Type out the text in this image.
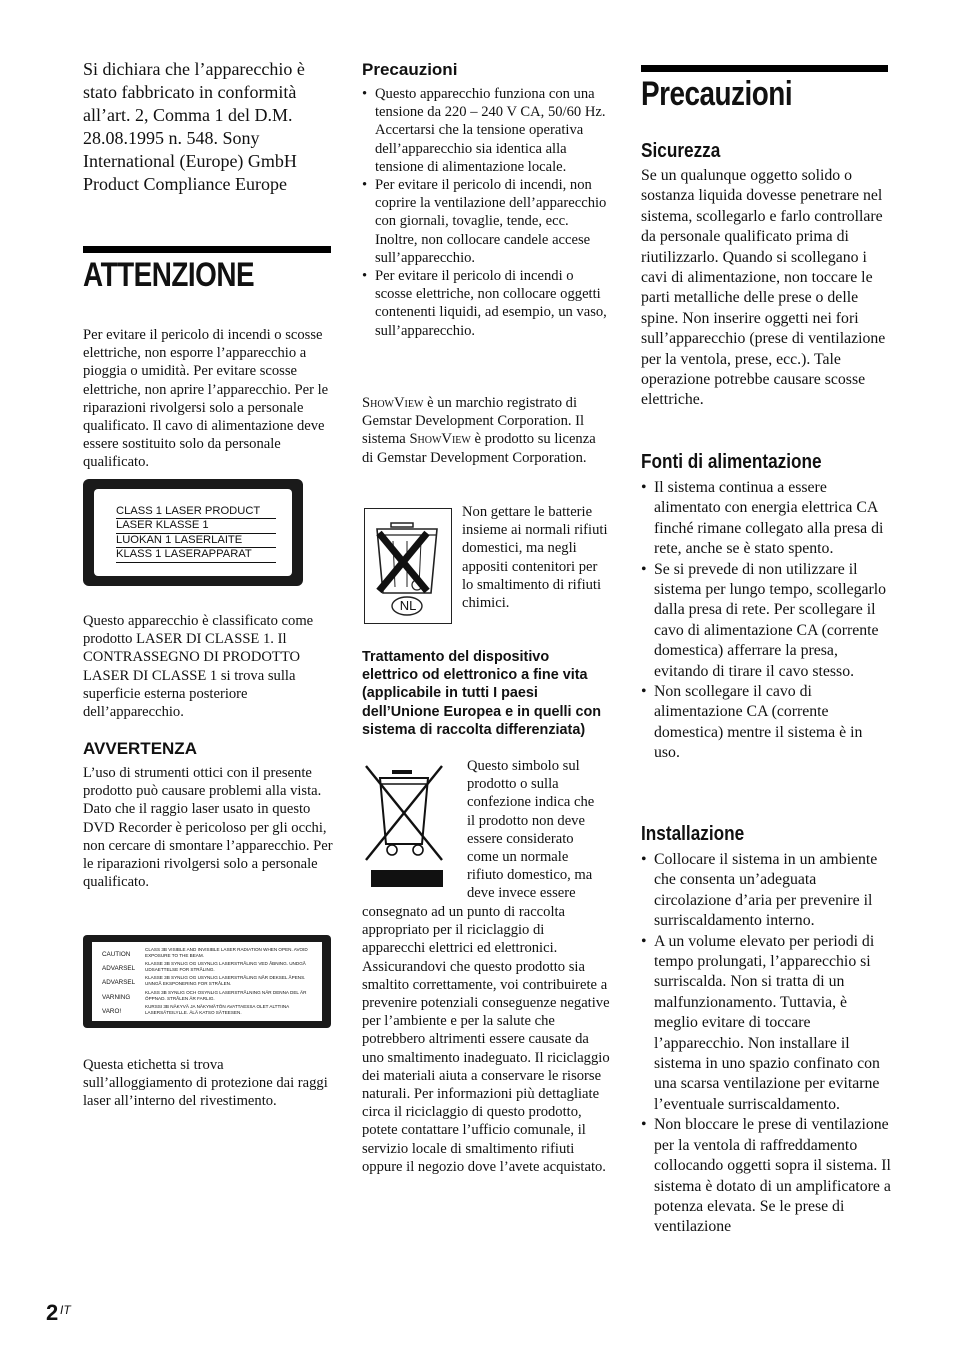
Si dichiara che l’apparecchio è stato fabbricato in conformità all’art. 2, Comma 1 del D.M. 28.08.1995 n. 548. Sony International (Europe) GmbH Product Compliance Europe

ATTENZIONE

Per evitare il pericolo di incendi o scosse elettriche, non esporre l’apparecchio a pioggia o umidità. Per evitare scosse elettriche, non aprire l’apparecchio. Per le riparazioni rivolgersi solo a personale qualificato. Il cavo di alimentazione deve essere sostituito solo da personale qualificato.

CLASS 1 LASER PRODUCT
LASER KLASSE 1
LUOKAN 1 LASERLAITE
KLASS 1 LASERAPPARAT

Questo apparecchio è classificato come prodotto LASER DI CLASSE 1. Il CONTRASSEGNO DI PRODOTTO LASER DI CLASSE 1 si trova sulla superficie esterna posteriore dell’apparecchio.

AVVERTENZA

L’uso di strumenti ottici con il presente prodotto può causare problemi alla vista. Dato che il raggio laser usato in questo DVD Recorder è pericoloso per gli occhi, non cercare di smontare l’apparecchio. Per le riparazioni rivolgersi solo a personale qualificato.

CAUTION
CLASS 3B VISIBLE AND INVISIBLE LASER RADIATION WHEN OPEN. AVOID EXPOSURE TO THE BEAM.
ADVARSEL
KLASSE 3B SYNLIG OG USYNLIG LASERSTRÅLING VED ÅBNING. UNDGÅ UDSAETTELSE FOR STRÅLING.
ADVARSEL
KLASSE 3B SYNLIG OG USYNLIG LASERSTRÅLING NÅR DEKSEL ÅPENS. UNNGÅ EKSPONERING FOR STRÅLEN.
VARNING
KLASS 3B SYNLIG OCH OSYNLIG LASERSTRÅLNING NÄR DENNA DEL ÄR ÖPPNAD. STRÅLEN ÄR FARLIG.
VARO!
KURSSI 3B NÄKYVÄ JA NÄKYMÄTÖN AVATTAESSA OLET ALTTIINA LASERSÄTEILYLLE. ÄLÄ KATSO SÄTEESEN.

Questa etichetta si trova sull’alloggiamento di protezione dai raggi laser all’interno del rivestimento.

Precauzioni
• Questo apparecchio funziona con una tensione da 220 – 240 V CA, 50/60 Hz. Accertarsi che la tensione operativa dell’apparecchio sia identica alla tensione di alimentazione locale.
• Per evitare il pericolo di incendi, non coprire la ventilazione dell’apparecchio con giornali, tovaglie, tende, ecc. Inoltre, non collocare candele accese sull’apparecchio.
• Per evitare il pericolo di incendi o scosse elettriche, non collocare oggetti contenenti liquidi, ad esempio, un vaso, sull’apparecchio.

ShowView è un marchio registrato di Gemstar Development Corporation. Il sistema ShowView è prodotto su licenza di Gemstar Development Corporation.

NL

Non gettare le batterie insieme ai normali rifiuti domestici, ma negli appositi contenitori per lo smaltimento di rifiuti chimici.

Trattamento del dispositivo elettrico od elettronico a fine vita (applicabile in tutti I paesi dell’Unione Europea e in quelli con sistema di raccolta differenziata)

Questo simbolo sul
prodotto o sulla
confezione indica che
il prodotto non deve
essere considerato
come un normale
rifiuto domestico, ma
deve invece essere

consegnato ad un punto di raccolta appropriato per il riciclaggio di apparecchi elettrici ed elettronici. Assicurandovi che questo prodotto sia smaltito correttamente, voi contribuirete a prevenire potenziali conseguenze negative per l’ambiente e per la salute che potrebbero altrimenti essere causate da uno smaltimento inadeguato. Il riciclaggio dei materiali aiuta a conservare le risorse naturali. Per informazioni più dettagliate circa il riciclaggio di questo prodotto, potete contattare l’ufficio comunale, il servizio locale di smaltimento rifiuti oppure il negozio dove l’avete acquistato.

Precauzioni
Sicurezza

Se un qualunque oggetto solido o sostanza liquida dovesse penetrare nel sistema, scollegarlo e farlo controllare da personale qualificato prima di riutilizzarlo. Quando si scollegano i cavi di alimentazione, non toccare le parti metalliche delle prese o delle spine. Non inserire oggetti nei fori sull’apparecchio (prese di ventilazione per la ventola, prese, ecc.). Tale operazione potrebbe causare scosse elettriche.

Fonti di alimentazione
• Il sistema continua a essere alimentato con energia elettrica CA finché rimane collegato alla presa di rete, anche se è stato spento.
• Se si prevede di non utilizzare il sistema per lungo tempo, scollegarlo dalla presa di rete. Per scollegare il cavo di alimentazione CA (corrente domestica) afferrare la presa, evitando di tirare il cavo stesso.
• Non scollegare il cavo di alimentazione CA (corrente domestica) mentre il sistema è in uso.
Installazione
• Collocare il sistema in un ambiente che consenta un’adeguata circolazione d’aria per prevenire il surriscaldamento interno.
• A un volume elevato per periodi di tempo prolungati, l’apparecchio si surriscalda. Non si tratta di un malfunzionamento. Tuttavia, è meglio evitare di toccare l’apparecchio. Non installare il sistema in uno spazio confinato con una scarsa ventilazione per evitarne l’eventuale surriscaldamento.
• Non bloccare le prese di ventilazione per la ventola di raffreddamento collocando oggetti sopra il sistema. Il sistema è dotato di un amplificatore a potenza elevata. Se le prese di ventilazione
2 IT
